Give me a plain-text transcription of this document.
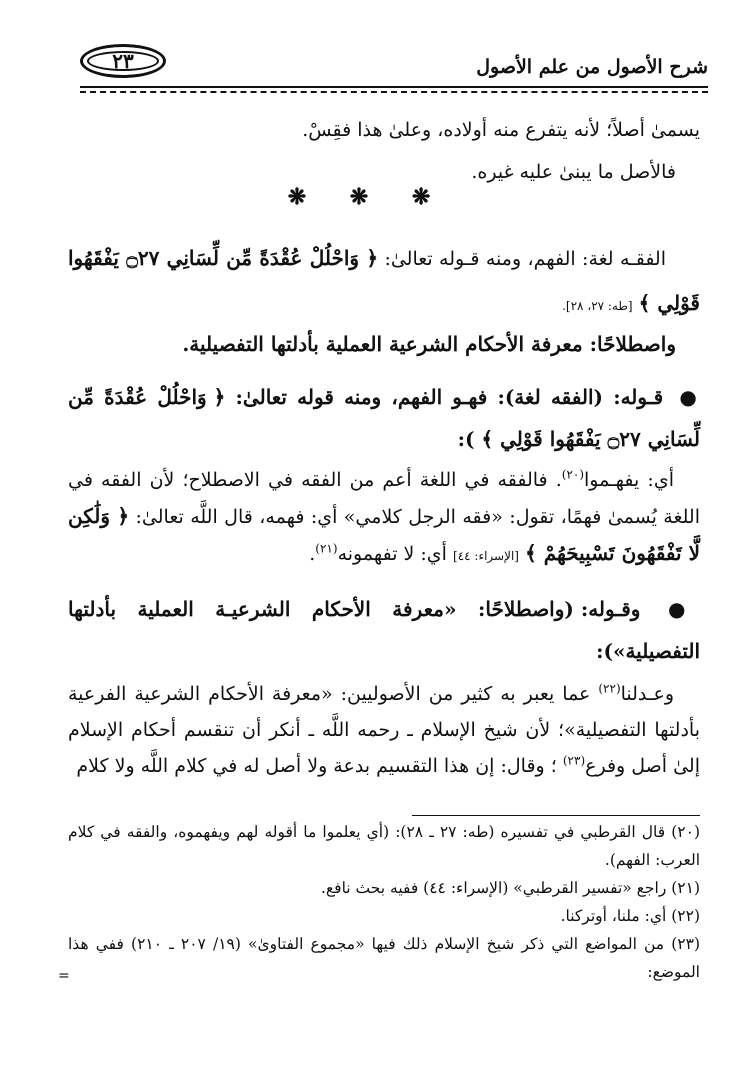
٢٣	شرح الأصول من علم الأصول
يسمىٰ أصلاً؛ لأنه يتفرع منه أولاده، وعلىٰ هذا فقِسْ.
فالأصل ما يبنىٰ عليه غيره.
❋ ❋ ❋
الفقـه لغة: الفهم، ومنه قـوله تعالىٰ: ﴿ وَاحْلُلْ عُقْدَةً مِّن لِّسَانِي ۝٢٧ يَفْقَهُوا قَوْلِي ﴾ [طه: ٢٧، ٢٨].
واصطلاحًا: معرفة الأحكام الشرعية العملية بأدلتها التفصيلية.
● قـوله: (الفقه لغة): فهـو الفهم، ومنه قوله تعالىٰ: ﴿ وَاحْلُلْ عُقْدَةً مِّن لِّسَانِي ۝٢٧ يَفْقَهُوا قَوْلِي ﴾ ):
أي: يفهـموا$^{(٢٠)}$. فالفقه في اللغة أعم من الفقه في الاصطلاح؛ لأن الفقه في اللغة يُسمىٰ فهمًا، تقول: «فقه الرجل كلامي» أي: فهمه، قال اللَّه تعالىٰ: ﴿ وَلَٰكِن لَّا تَفْقَهُونَ تَسْبِيحَهُمْ ﴾ [الإسراء: ٤٤] أي: لا تفهمونه$^{(٢١)}$.
● وقـوله: (واصطلاحًا: «معرفة الأحكام الشرعيـة العملية بأدلتها التفصيلية»):
وعـدلنا$^{(٢٢)}$ عما يعبر به كثير من الأصوليين: «معرفة الأحكام الشرعية الفرعية بأدلتها التفصيلية»؛ لأن شيخ الإسلام ـ رحمه اللَّه ـ أنكر أن تنقسم أحكام الإسلام إلىٰ أصل وفرع$^{(٢٣)}$ ؛ وقال: إن هذا التقسيم بدعة ولا أصل له في كلام اللَّه ولا كلام

(٢٠) قال القرطبي في تفسيره (طه: ٢٧ ـ ٢٨): (أي يعلموا ما أقوله لهم ويفهموه، والفقه في كلام العرب: الفهم).

(٢١) راجع «تفسير القرطبي» (الإسراء: ٤٤) ففيه بحث نافع.

(٢٢) أي: ملنا، أوتركنا.

(٢٣) من المواضع التي ذكر شيخ الإسلام ذلك فيها «مجموع الفتاوىٰ» (١٩/ ٢٠٧ ـ ٢١٠) ففي هذا الموضع:

=
